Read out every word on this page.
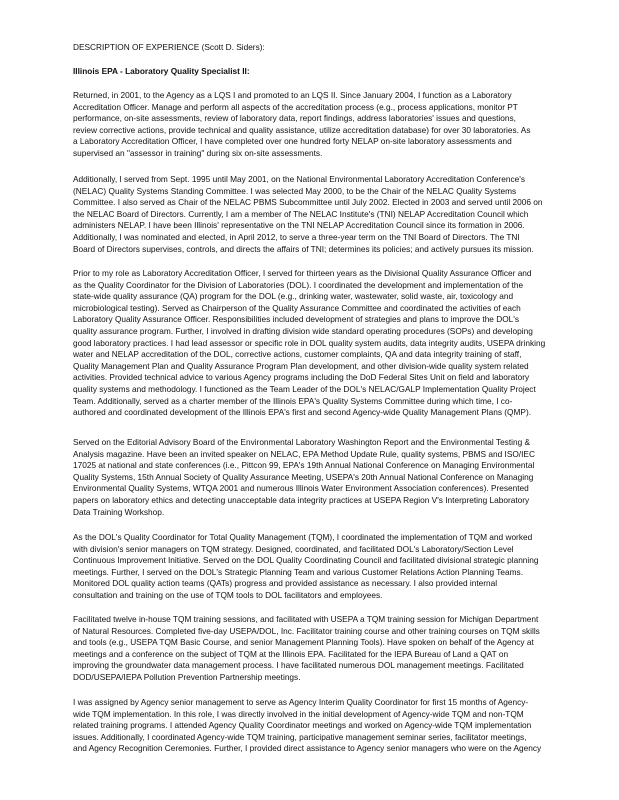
DESCRIPTION OF EXPERIENCE (Scott D. Siders):
Illinois EPA - Laboratory Quality Specialist II:
Returned, in 2001, to the Agency as a LQS I and promoted to an LQS II. Since January 2004, I function as a Laboratory
Accreditation Officer. Manage and perform all aspects of the accreditation process (e.g., process applications, monitor PT
performance, on-site assessments, review of laboratory data, report findings, address laboratories' issues and questions,
review corrective actions, provide technical and quality assistance, utilize accreditation database) for over 30 laboratories. As
a Laboratory Accreditation Officer, I have completed over one hundred forty NELAP on-site laboratory assessments and
supervised an "assessor in training" during six on-site assessments.
Additionally, I served from Sept. 1995 until May 2001, on the National Environmental Laboratory Accreditation Conference's
(NELAC) Quality Systems Standing Committee. I was selected May 2000, to be the Chair of the NELAC Quality Systems
Committee. I also served as Chair of the NELAC PBMS Subcommittee until July 2002. Elected in 2003 and served until 2006 on
the NELAC Board of Directors. Currently, I am a member of The NELAC Institute's (TNI) NELAP Accreditation Council which
administers NELAP. I have been Illinois' representative on the TNI NELAP Accreditation Council since its formation in 2006.
Additionally, I was nominated and elected, in April 2012, to serve a three-year term on the TNI Board of Directors. The TNI
Board of Directors supervises, controls, and directs the affairs of TNI; determines its policies; and actively pursues its mission.
Prior to my role as Laboratory Accreditation Officer, I served for thirteen years as the Divisional Quality Assurance Officer and
as the Quality Coordinator for the Division of Laboratories (DOL). I coordinated the development and implementation of the
state-wide quality assurance (QA) program for the DOL (e.g., drinking water, wastewater, solid waste, air, toxicology and
microbiological testing). Served as Chairperson of the Quality Assurance Committee and coordinated the activities of each
Laboratory Quality Assurance Officer. Responsibilities included development of strategies and plans to improve the DOL's
quality assurance program. Further, I involved in drafting division wide standard operating procedures (SOPs) and developing
good laboratory practices. I had lead assessor or specific role in DOL quality system audits, data integrity audits, USEPA drinking
water and NELAP accreditation of the DOL, corrective actions, customer complaints, QA and data integrity training of staff,
Quality Management Plan and Quality Assurance Program Plan development, and other division-wide quality system related
activities. Provided technical advice to various Agency programs including the DoD Federal Sites Unit on field and laboratory
quality systems and methodology. I functioned as the Team Leader of the DOL's NELAC/GALP Implementation Quality Project
Team. Additionally, served as a charter member of the Illinois EPA's Quality Systems Committee during which time, I co-
authored and coordinated development of the Illinois EPA's first and second Agency-wide Quality Management Plans (QMP).
Served on the Editorial Advisory Board of the Environmental Laboratory Washington Report and the Environmental Testing &
Analysis magazine. Have been an invited speaker on NELAC, EPA Method Update Rule, quality systems, PBMS and ISO/IEC
17025 at national and state conferences (i.e., Pittcon 99, EPA's 19th Annual National Conference on Managing Environmental
Quality Systems, 15th Annual Society of Quality Assurance Meeting, USEPA's 20th Annual National Conference on Managing
Environmental Quality Systems, WTQA 2001 and numerous Illinois Water Environment Association conferences). Presented
papers on laboratory ethics and detecting unacceptable data integrity practices at USEPA Region V's Interpreting Laboratory
Data Training Workshop.
As the DOL's Quality Coordinator for Total Quality Management (TQM), I coordinated the implementation of TQM and worked
with division's senior managers on TQM strategy. Designed, coordinated, and facilitated DOL's Laboratory/Section Level
Continuous Improvement Initiative. Served on the DOL Quality Coordinating Council and facilitated divisional strategic planning
meetings. Further, I served on the DOL's Strategic Planning Team and various Customer Relations Action Planning Teams.
Monitored DOL quality action teams (QATs) progress and provided assistance as necessary. I also provided internal
consultation and training on the use of TQM tools to DOL facilitators and employees.
Facilitated twelve in-house TQM training sessions, and facilitated with USEPA a TQM training session for Michigan Department
of Natural Resources. Completed five-day USEPA/DOL, Inc. Facilitator training course and other training courses on TQM skills
and tools (e.g., USEPA TQM Basic Course, and senior Management Planning Tools). Have spoken on behalf of the Agency at
meetings and a conference on the subject of TQM at the Illinois EPA. Facilitated for the IEPA Bureau of Land a QAT on
improving the groundwater data management process. I have facilitated numerous DOL management meetings. Facilitated
DOD/USEPA/IEPA Pollution Prevention Partnership meetings.
I was assigned by Agency senior management to serve as Agency Interim Quality Coordinator for first 15 months of Agency-
wide TQM implementation. In this role, I was directly involved in the initial development of Agency-wide TQM and non-TQM
related training programs. I attended Agency Quality Coordinator meetings and worked on Agency-wide TQM implementation
issues. Additionally, I coordinated Agency-wide TQM training, participative management seminar series, facilitator meetings,
and Agency Recognition Ceremonies. Further, I provided direct assistance to Agency senior managers who were on the Agency
